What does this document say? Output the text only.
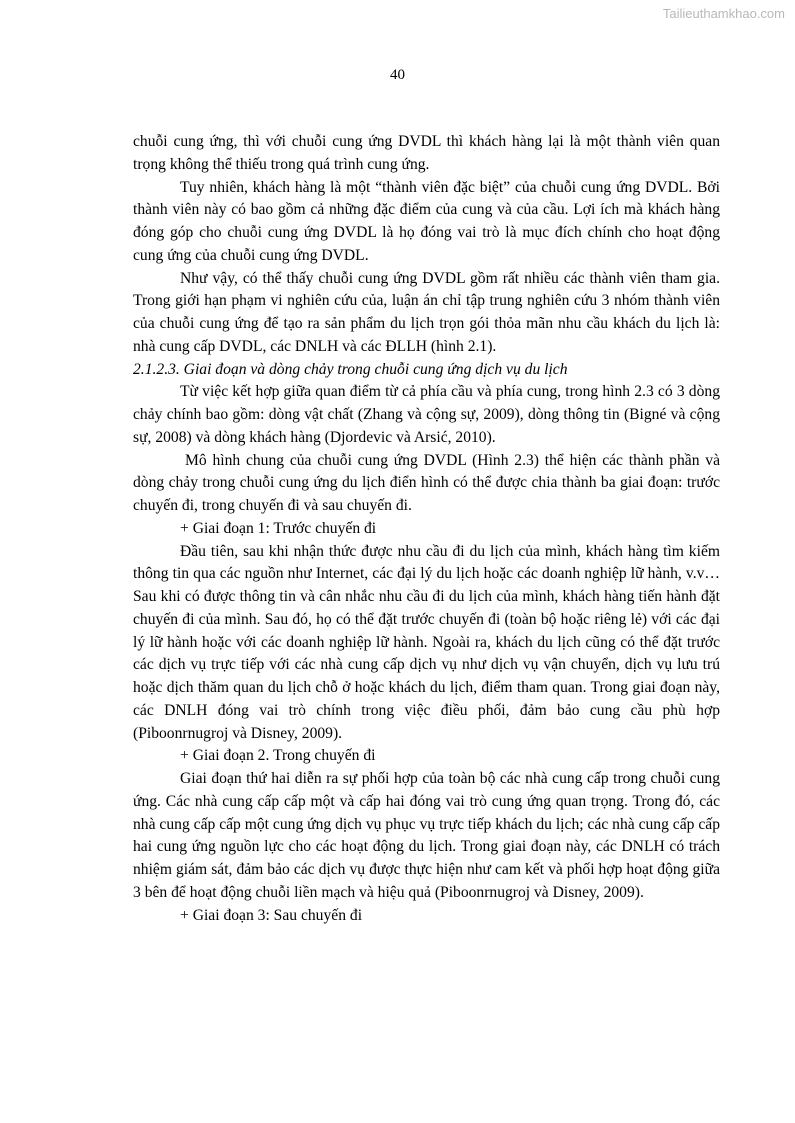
Tailieuthamkhao.com
40

chuỗi cung ứng, thì với chuỗi cung ứng DVDL thì khách hàng lại là một thành viên quan trọng không thể thiếu trong quá trình cung ứng.

Tuy nhiên, khách hàng là một “thành viên đặc biệt” của chuỗi cung ứng DVDL. Bởi thành viên này có bao gồm cả những đặc điểm của cung và của cầu. Lợi ích mà khách hàng đóng góp cho chuỗi cung ứng DVDL là họ đóng vai trò là mục đích chính cho hoạt động cung ứng của chuỗi cung ứng DVDL.

Như vậy, có thể thấy chuỗi cung ứng DVDL gồm rất nhiều các thành viên tham gia. Trong giới hạn phạm vi nghiên cứu của, luận án chỉ tập trung nghiên cứu 3 nhóm thành viên của chuỗi cung ứng để tạo ra sản phẩm du lịch trọn gói thỏa mãn nhu cầu khách du lịch là: nhà cung cấp DVDL, các DNLH và các ĐLLH (hình 2.1).

2.1.2.3. Giai đoạn và dòng chảy trong chuỗi cung ứng dịch vụ du lịch

Từ việc kết hợp giữa quan điểm từ cả phía cầu và phía cung, trong hình 2.3 có 3 dòng chảy chính bao gồm: dòng vật chất (Zhang và cộng sự, 2009), dòng thông tin (Bigné và cộng sự, 2008) và dòng khách hàng (Djordevic và Arsić, 2010).

Mô hình chung của chuỗi cung ứng DVDL (Hình 2.3) thể hiện các thành phần và dòng chảy trong chuỗi cung ứng du lịch điển hình có thể được chia thành ba giai đoạn: trước chuyến đi, trong chuyến đi và sau chuyến đi.

+ Giai đoạn 1: Trước chuyến đi

Đầu tiên, sau khi nhận thức được nhu cầu đi du lịch của mình, khách hàng tìm kiếm thông tin qua các nguồn như Internet, các đại lý du lịch hoặc các doanh nghiệp lữ hành, v.v…Sau khi có được thông tin và cân nhắc nhu cầu đi du lịch của mình, khách hàng tiến hành đặt chuyến đi của mình. Sau đó, họ có thể đặt trước chuyến đi (toàn bộ hoặc riêng lẻ) với các đại lý lữ hành hoặc với các doanh nghiệp lữ hành. Ngoài ra, khách du lịch cũng có thể đặt trước các dịch vụ trực tiếp với các nhà cung cấp dịch vụ như dịch vụ vận chuyển, dịch vụ lưu trú hoặc dịch thăm quan du lịch chỗ ở hoặc khách du lịch, điểm tham quan. Trong giai đoạn này, các DNLH đóng vai trò chính trong việc điều phối, đảm bảo cung cầu phù hợp (Piboonrnugroj và Disney, 2009).

+ Giai đoạn 2. Trong chuyến đi

Giai đoạn thứ hai diễn ra sự phối hợp của toàn bộ các nhà cung cấp trong chuỗi cung ứng. Các nhà cung cấp cấp một và cấp hai đóng vai trò cung ứng quan trọng. Trong đó, các nhà cung cấp cấp một cung ứng dịch vụ phục vụ trực tiếp khách du lịch; các nhà cung cấp cấp hai cung ứng nguồn lực cho các hoạt động du lịch. Trong giai đoạn này, các DNLH có trách nhiệm giám sát, đảm bảo các dịch vụ được thực hiện như cam kết và phối hợp hoạt động giữa 3 bên để hoạt động chuỗi liền mạch và hiệu quả (Piboonrnugroj và Disney, 2009).

+ Giai đoạn 3: Sau chuyến đi
